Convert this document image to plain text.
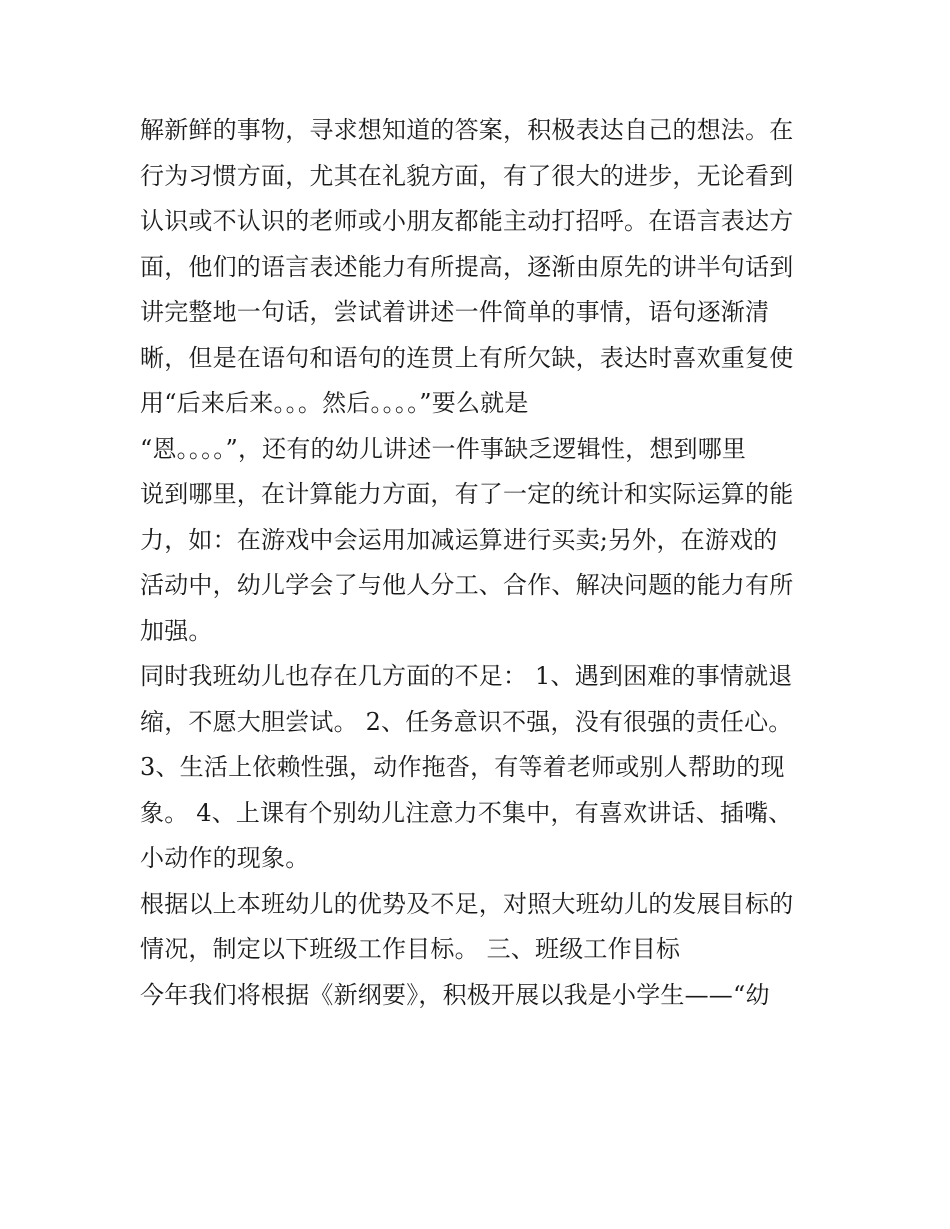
解新鲜的事物，寻求想知道的答案，积极表达自己的想法。在
行为习惯方面，尤其在礼貌方面，有了很大的进步，无论看到
认识或不认识的老师或小朋友都能主动打招呼。在语言表达方
面，他们的语言表述能力有所提高，逐渐由原先的讲半句话到
讲完整地一句话，尝试着讲述一件简单的事情，语句逐渐清
晰，但是在语句和语句的连贯上有所欠缺，表达时喜欢重复使
用“后来后来。。。然后。。。。”要么就是
“恩。。。。”，还有的幼儿讲述一件事缺乏逻辑性，想到哪里
说到哪里，在计算能力方面，有了一定的统计和实际运算的能
力，如：在游戏中会运用加减运算进行买卖;另外，在游戏的
活动中，幼儿学会了与他人分工、合作、解决问题的能力有所
加强。
同时我班幼儿也存在几方面的不足： 1、遇到困难的事情就退
缩，不愿大胆尝试。 2、任务意识不强，没有很强的责任心。
3、生活上依赖性强，动作拖沓，有等着老师或别人帮助的现
象。 4、上课有个别幼儿注意力不集中，有喜欢讲话、插嘴、
小动作的现象。
根据以上本班幼儿的优势及不足，对照大班幼儿的发展目标的
情况，制定以下班级工作目标。 三、班级工作目标
今年我们将根据《新纲要》，积极开展以我是小学生——“幼
